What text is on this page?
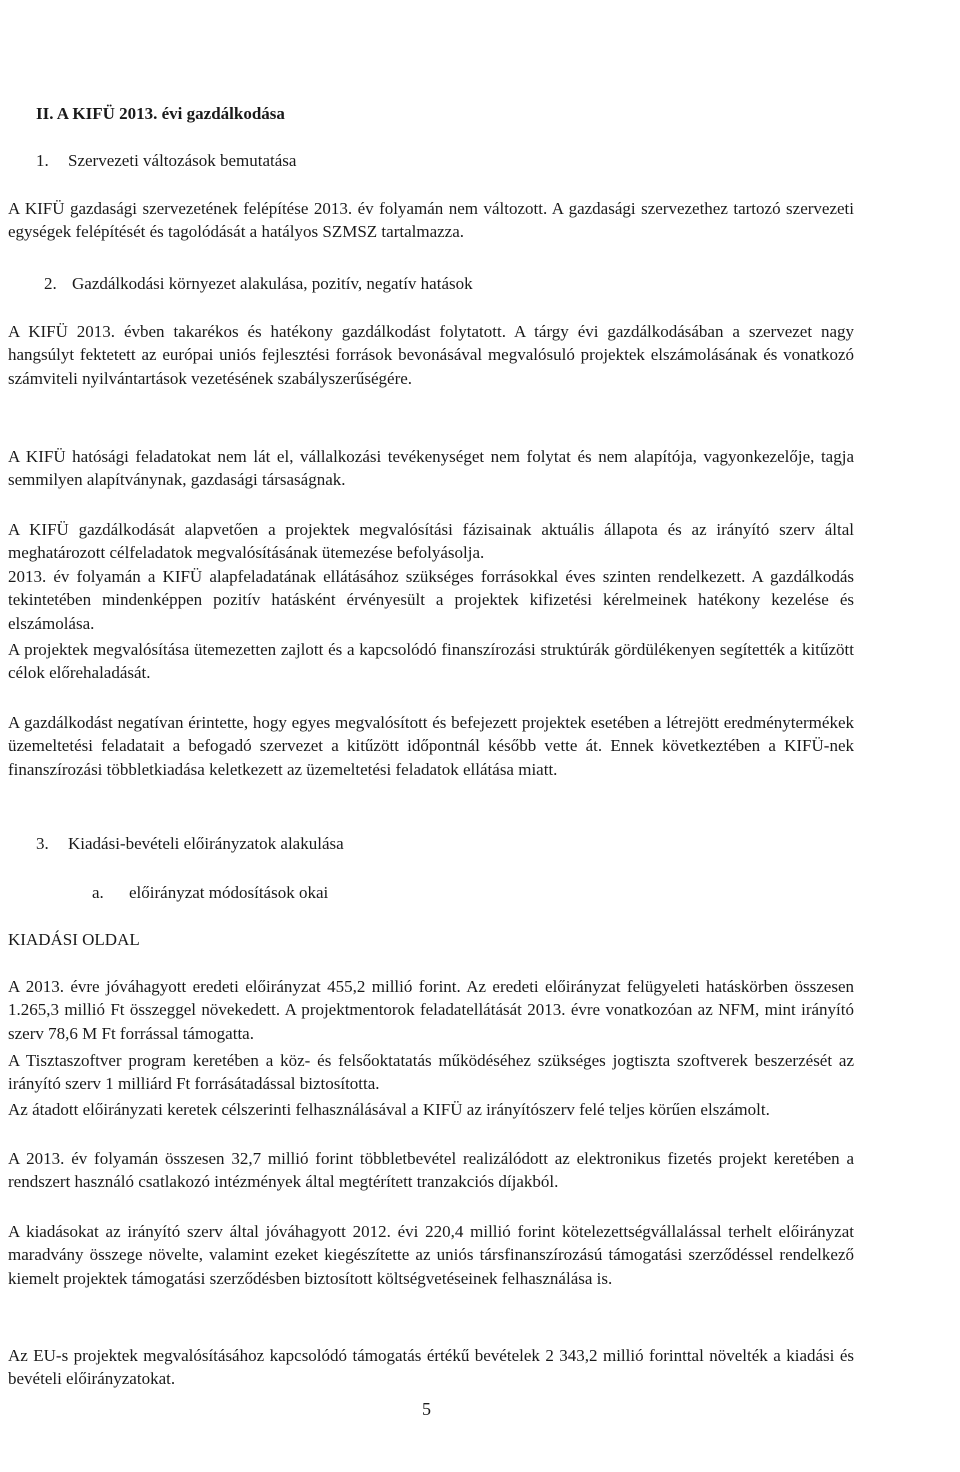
II. A KIFÜ 2013. évi gazdálkodása

1. Szervezeti változások bemutatása

A KIFÜ gazdasági szervezetének felépítése 2013. év folyamán nem változott. A gazdasági szervezethez tartozó szervezeti egységek felépítését és tagolódását a hatályos SZMSZ tartalmazza.

2. Gazdálkodási környezet alakulása, pozitív, negatív hatások

A KIFÜ 2013. évben takarékos és hatékony gazdálkodást folytatott. A tárgy évi gazdálkodásában a szervezet nagy hangsúlyt fektetett az európai uniós fejlesztési források bevonásával megvalósuló projektek elszámolásának és vonatkozó számviteli nyilvántartások vezetésének szabályszerűségére.

A KIFÜ hatósági feladatokat nem lát el, vállalkozási tevékenységet nem folytat és nem alapítója, vagyonkezelője, tagja semmilyen alapítványnak, gazdasági társaságnak.

A KIFÜ gazdálkodását alapvetően a projektek megvalósítási fázisainak aktuális állapota és az irányító szerv által meghatározott célfeladatok megvalósításának ütemezése befolyásolja.

2013. év folyamán a KIFÜ alapfeladatának ellátásához szükséges forrásokkal éves szinten rendelkezett. A gazdálkodás tekintetében mindenképpen pozitív hatásként érvényesült a projektek kifizetési kérelmeinek hatékony kezelése és elszámolása.

A projektek megvalósítása ütemezetten zajlott és a kapcsolódó finanszírozási struktúrák gördülékenyen segítették a kitűzött célok előrehaladását.

A gazdálkodást negatívan érintette, hogy egyes megvalósított és befejezett projektek esetében a létrejött eredménytermékek üzemeltetési feladatait a befogadó szervezet a kitűzött időpontnál később vette át. Ennek következtében a KIFÜ-nek finanszírozási többletkiadása keletkezett az üzemeltetési feladatok ellátása miatt.

3. Kiadási-bevételi előirányzatok alakulása

a. előirányzat módosítások okai

KIADÁSI OLDAL

A 2013. évre jóváhagyott eredeti előirányzat 455,2 millió forint. Az eredeti előirányzat felügyeleti hatáskörben összesen 1.265,3 millió Ft összeggel növekedett. A projektmentorok feladatellátását 2013. évre vonatkozóan az NFM, mint irányító szerv 78,6 M Ft forrással támogatta.

A Tisztaszoftver program keretében a köz- és felsőoktatatás működéséhez szükséges jogtiszta szoftverek beszerzését az irányító szerv 1 milliárd Ft forrásátadással biztosította.

Az átadott előirányzati keretek célszerinti felhasználásával a KIFÜ az irányítószerv felé teljes körűen elszámolt.

A 2013. év folyamán összesen 32,7 millió forint többletbevétel realizálódott az elektronikus fizetés projekt keretében a rendszert használó csatlakozó intézmények által megtérített tranzakciós díjakból.

A kiadásokat az irányító szerv által jóváhagyott 2012. évi 220,4 millió forint kötelezettségvállalással terhelt előirányzat maradvány összege növelte, valamint ezeket kiegészítette az uniós társfinanszírozású támogatási szerződéssel rendelkező kiemelt projektek támogatási szerződésben biztosított költségvetéseinek felhasználása is.

Az EU-s projektek megvalósításához kapcsolódó támogatás értékű bevételek 2 343,2 millió forinttal növelték a kiadási és bevételi előirányzatokat.

5
